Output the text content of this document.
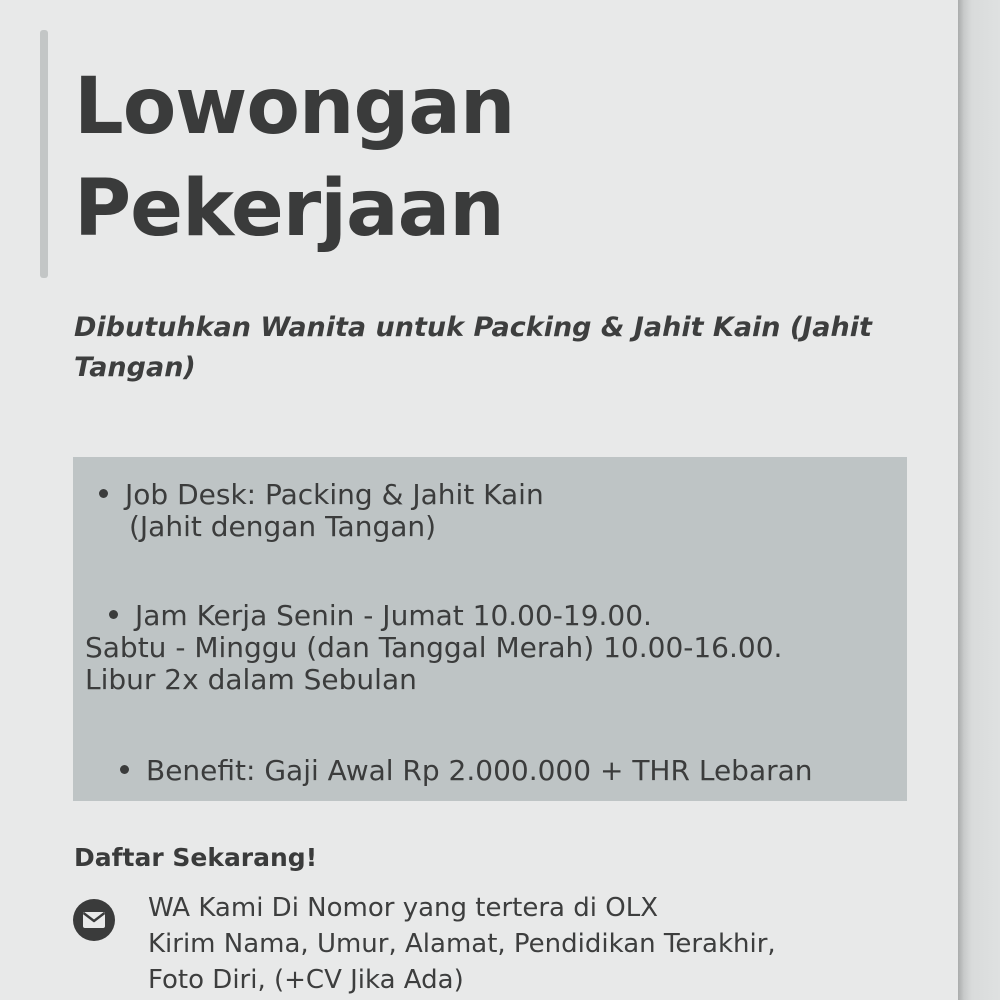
Lowongan
Pekerjaan

Dibutuhkan Wanita untuk Packing & Jahit Kain (Jahit Tangan)

Job Desk: Packing & Jahit Kain
(Jahit dengan Tangan)
Jam Kerja Senin - Jumat 10.00-19.00.
Sabtu - Minggu (dan Tanggal Merah) 10.00-16.00.
Libur 2x dalam Sebulan
Benefit: Gaji Awal Rp 2.000.000 + THR Lebaran

Daftar Sekarang!

WA Kami Di Nomor yang tertera di OLX
Kirim Nama, Umur, Alamat, Pendidikan Terakhir,
Foto Diri, (+CV Jika Ada)
